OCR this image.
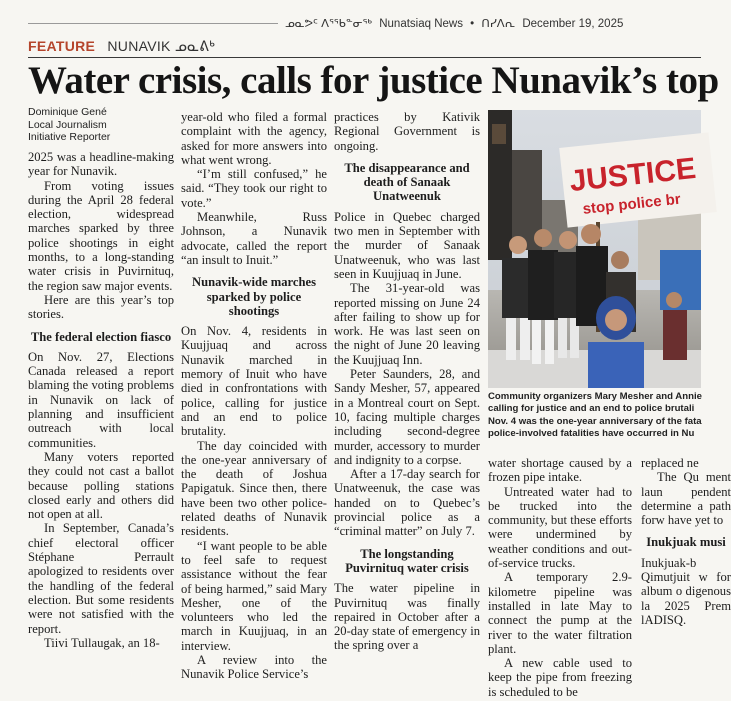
ᓄᓇᕗᑦ ᐱᕐᖃᓐᓂᖅ Nunatsiaq News • ᑎᓯᐱᕆ December 19, 2025
FEATURE NUNAVIK ᓄᓇᕕᒃ
Water crisis, calls for justice Nunavik’s top
Dominique Gené
Local Journalism
Initiative Reporter

2025 was a headline-making year for Nunavik.

From voting issues during the April 28 federal election, widespread marches sparked by three police shootings in eight months, to a long-standing water crisis in Puvirnituq, the region saw major events.

Here are this year’s top stories.

The federal election fiasco

On Nov. 27, Elections Canada released a report blaming the voting problems in Nunavik on lack of planning and insufficient outreach with local communities.

Many voters reported they could not cast a ballot because polling stations closed early and others did not open at all.

In September, Canada’s chief electoral officer Stéphane Perrault apologized to residents over the handling of the federal election. But some residents were not satisfied with the report.

Tiivi Tullaugak, an 18-

year-old who filed a formal complaint with the agency, asked for more answers into what went wrong.

“I’m still confused,” he said. “They took our right to vote.”

Meanwhile, Russ Johnson, a Nunavik advocate, called the report “an insult to Inuit.”

Nunavik-wide marches sparked by police shootings

On Nov. 4, residents in Kuujjuaq and across Nunavik marched in memory of Inuit who have died in confrontations with police, calling for justice and an end to police brutality.

The day coincided with the one-year anniversary of the death of Joshua Papigatuk. Since then, there have been two other police-related deaths of Nunavik residents.

“I want people to be able to feel safe to request assistance without the fear of being harmed,” said Mary Mesher, one of the volunteers who led the march in Kuujjuaq, in an interview.

A review into the Nunavik Police Service’s

practices by Kativik Regional Government is ongoing.

The disappearance and death of Sanaak Unatweenuk

Police in Quebec charged two men in September with the murder of Sanaak Unatweenuk, who was last seen in Kuujjuaq in June.

The 31-year-old was reported missing on June 24 after failing to show up for work. He was last seen on the night of June 20 leaving the Kuujjuaq Inn.

Peter Saunders, 28, and Sandy Mesher, 57, appeared in a Montreal court on Sept. 10, facing multiple charges including second-degree murder, accessory to murder and indignity to a corpse.

After a 17-day search for Unatweenuk, the case was handed on to Quebec’s provincial police as a “criminal matter” on July 7.

The longstanding Puvirnituq water crisis

The water pipeline in Puvirnituq was finally repaired in October after a 20-day state of emergency in the spring over a

water shortage caused by a frozen pipe intake.

Untreated water had to be trucked into the community, but these efforts were undermined by weather conditions and out-of-service trucks.

A temporary 2.9-kilometre pipeline was installed in late May to connect the pump at the river to the water filtration plant.

A new cable used to keep the pipe from freezing is scheduled to be

replaced ne

The Qu ment laun pendent determine a path forw have yet to

Inukjuak musi

Inukjuak-b Qimutjuit w for album o digenous la 2025 Prem lADISQ.

JUSTICE
stop police br
Community organizers Mary Mesher and Annie
calling for justice and an end to police brutali
Nov. 4 was the one-year anniversary of the fata
police-involved fatalities have occurred in Nu
